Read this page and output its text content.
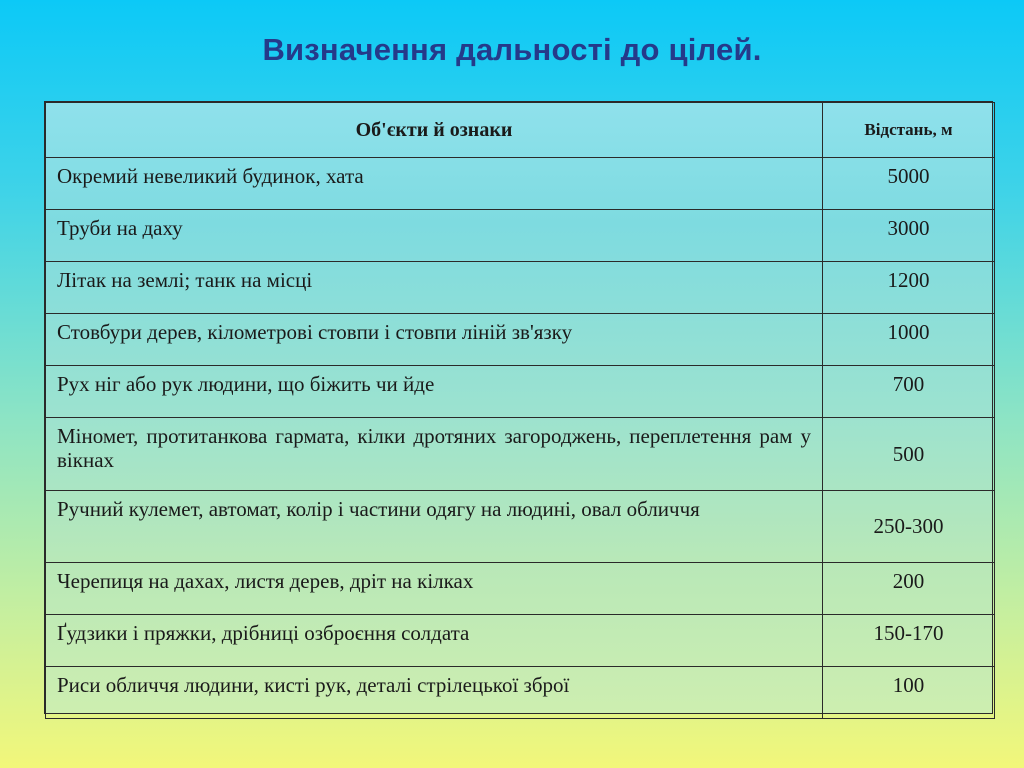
Визначення дальності до цілей.
Об'єкти й ознаки	Відстань, м
Окремий невеликий будинок, хата	5000
Труби на даху	3000
Літак на землі; танк на місці	1200
Стовбури дерев, кілометрові стовпи і стовпи ліній зв'язку	1000
Рух ніг або рук людини, що біжить чи йде	700
Міномет, протитанкова гармата, кілки дротяних загороджень, переплетення рам у вікнах	500
Ручний кулемет, автомат, колір і частини одягу на людині, овал обличчя	250-300
Черепиця на дахах, листя дерев, дріт на кілках	200
Ґудзики і пряжки, дрібниці озброєння солдата	150-170
Риси обличчя людини, кисті рук, деталі стрілецької зброї	100
